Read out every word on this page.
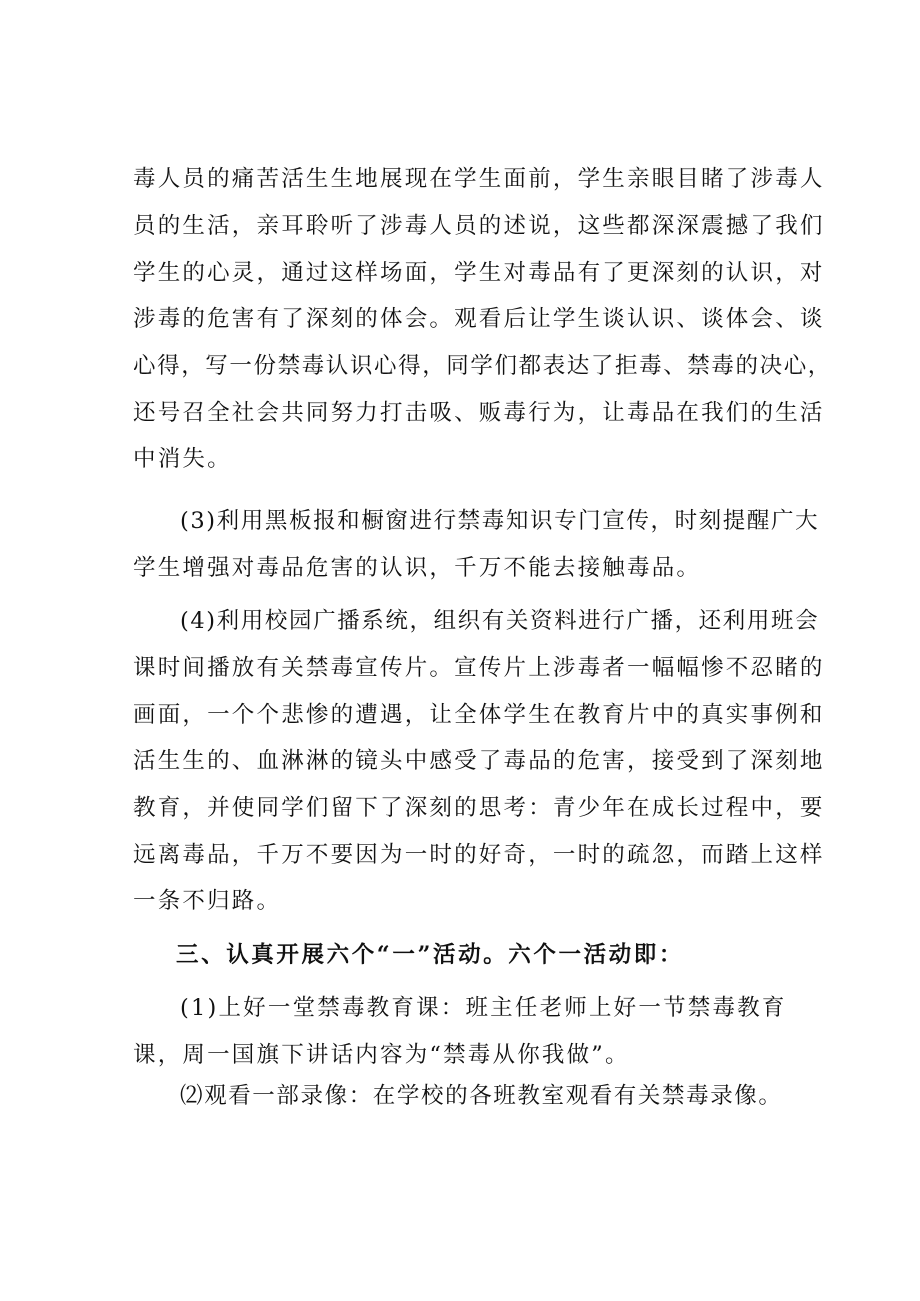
毒人员的痛苦活生生地展现在学生面前，学生亲眼目睹了涉毒人
员的生活，亲耳聆听了涉毒人员的述说，这些都深深震撼了我们
学生的心灵，通过这样场面，学生对毒品有了更深刻的认识，对
涉毒的危害有了深刻的体会。观看后让学生谈认识、谈体会、谈
心得，写一份禁毒认识心得，同学们都表达了拒毒、禁毒的决心，
还号召全社会共同努力打击吸、贩毒行为，让毒品在我们的生活
中消失。
(3)利用黑板报和橱窗进行禁毒知识专门宣传，时刻提醒广大
学生增强对毒品危害的认识，千万不能去接触毒品。
(4)利用校园广播系统，组织有关资料进行广播，还利用班会
课时间播放有关禁毒宣传片。宣传片上涉毒者一幅幅惨不忍睹的
画面，一个个悲惨的遭遇，让全体学生在教育片中的真实事例和
活生生的、血淋淋的镜头中感受了毒品的危害，接受到了深刻地
教育，并使同学们留下了深刻的思考：青少年在成长过程中，要
远离毒品，千万不要因为一时的好奇，一时的疏忽，而踏上这样
一条不归路。
三、认真开展六个“一”活动。六个一活动即：
(1)上好一堂禁毒教育课：班主任老师上好一节禁毒教育
课，周一国旗下讲话内容为“禁毒从你我做”。
⑵观看一部录像：在学校的各班教室观看有关禁毒录像。
